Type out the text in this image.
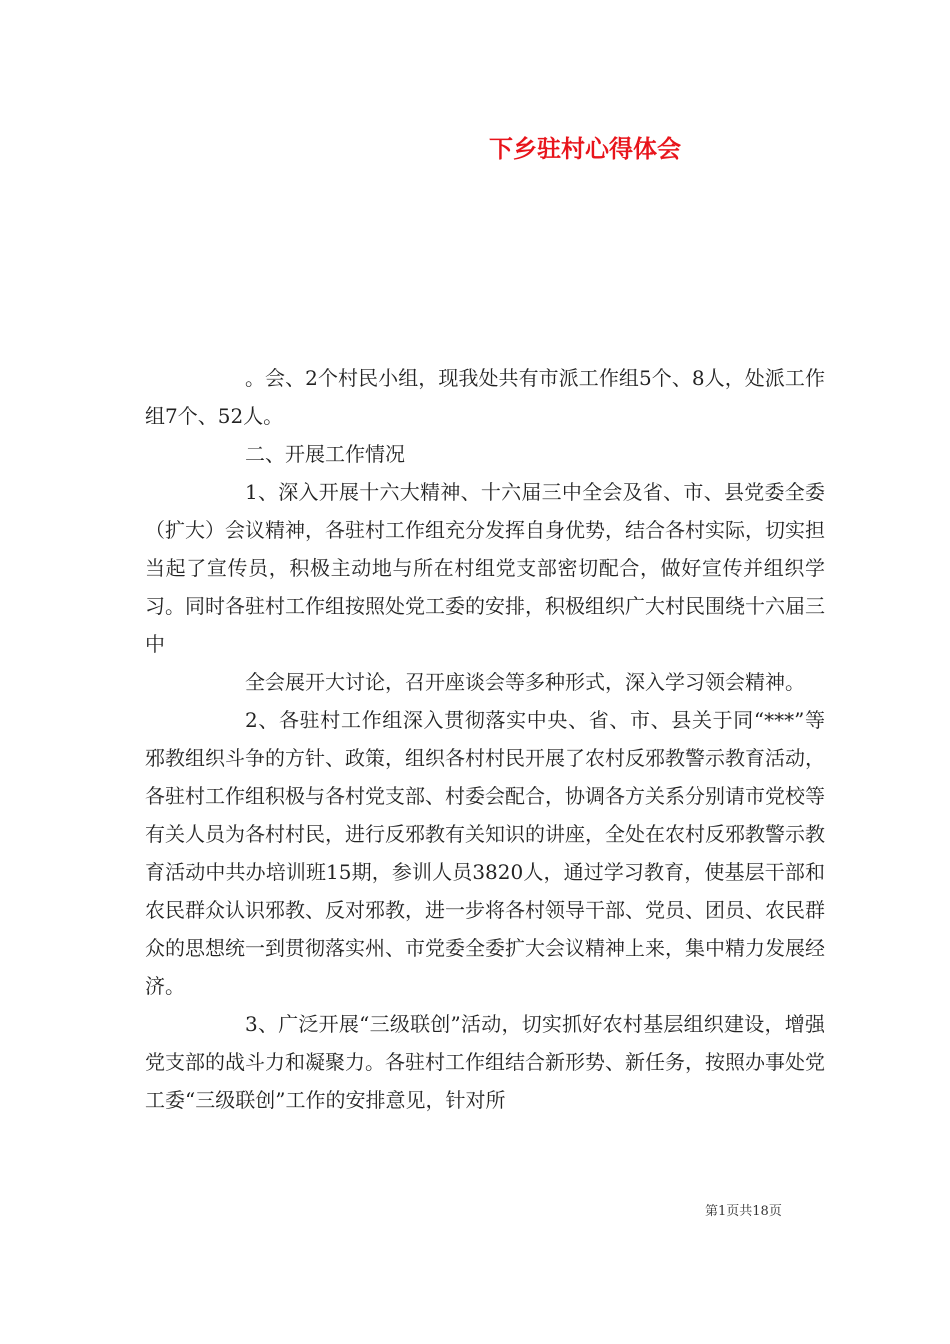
下乡驻村心得体会

。会、2个村民小组，现我处共有市派工作组5个、8人，处派工作组7个、52人。

二、开展工作情况

1、深入开展十六大精神、十六届三中全会及省、市、县党委全委（扩大）会议精神，各驻村工作组充分发挥自身优势，结合各村实际，切实担当起了宣传员，积极主动地与所在村组党支部密切配合，做好宣传并组织学习。同时各驻村工作组按照处党工委的安排，积极组织广大村民围绕十六届三中

全会展开大讨论，召开座谈会等多种形式，深入学习领会精神。

2、各驻村工作组深入贯彻落实中央、省、市、县关于同“***”等邪教组织斗争的方针、政策，组织各村村民开展了农村反邪教警示教育活动，各驻村工作组积极与各村党支部、村委会配合，协调各方关系分别请市党校等有关人员为各村村民，进行反邪教有关知识的讲座，全处在农村反邪教警示教育活动中共办培训班15期，参训人员3820人，通过学习教育，使基层干部和农民群众认识邪教、反对邪教，进一步将各村领导干部、党员、团员、农民群众的思想统一到贯彻落实州、市党委全委扩大会议精神上来，集中精力发展经济。

3、广泛开展“三级联创”活动，切实抓好农村基层组织建设，增强党支部的战斗力和凝聚力。各驻村工作组结合新形势、新任务，按照办事处党工委“三级联创”工作的安排意见，针对所

第1页共18页
